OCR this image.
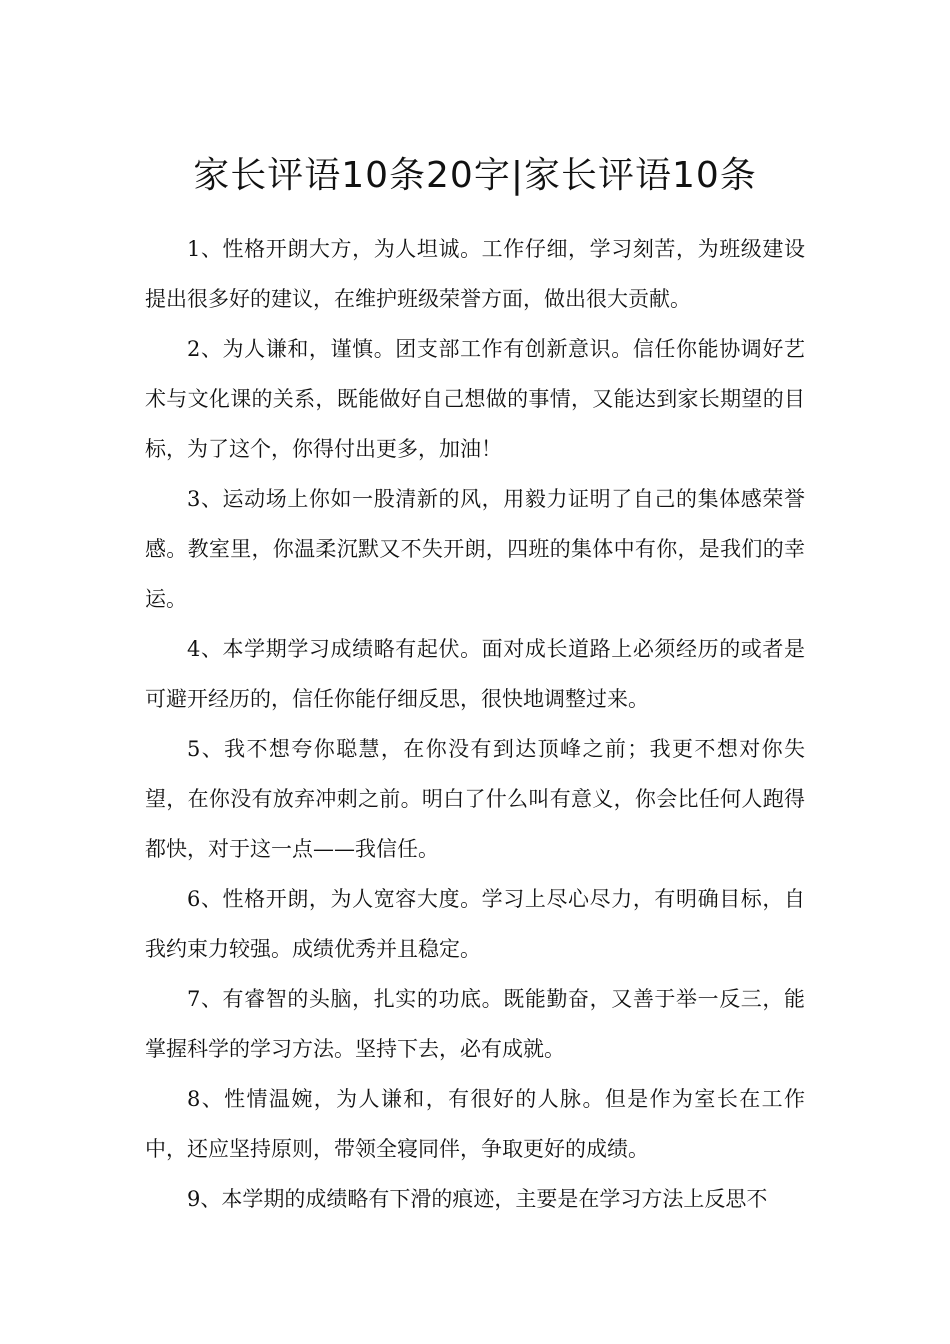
家长评语10条20字|家长评语10条

1、性格开朗大方，为人坦诚。工作仔细，学习刻苦，为班级建设提出很多好的建议，在维护班级荣誉方面，做出很大贡献。

2、为人谦和，谨慎。团支部工作有创新意识。信任你能协调好艺术与文化课的关系，既能做好自己想做的事情，又能达到家长期望的目标，为了这个，你得付出更多，加油！

3、运动场上你如一股清新的风，用毅力证明了自己的集体感荣誉感。教室里，你温柔沉默又不失开朗，四班的集体中有你，是我们的幸运。

4、本学期学习成绩略有起伏。面对成长道路上必须经历的或者是可避开经历的，信任你能仔细反思，很快地调整过来。

5、我不想夸你聪慧，在你没有到达顶峰之前；我更不想对你失望，在你没有放弃冲刺之前。明白了什么叫有意义，你会比任何人跑得都快，对于这一点——我信任。

6、性格开朗，为人宽容大度。学习上尽心尽力，有明确目标，自我约束力较强。成绩优秀并且稳定。

7、有睿智的头脑，扎实的功底。既能勤奋，又善于举一反三，能掌握科学的学习方法。坚持下去，必有成就。

8、性情温婉，为人谦和，有很好的人脉。但是作为室长在工作中，还应坚持原则，带领全寝同伴，争取更好的成绩。

9、本学期的成绩略有下滑的痕迹，主要是在学习方法上反思不
